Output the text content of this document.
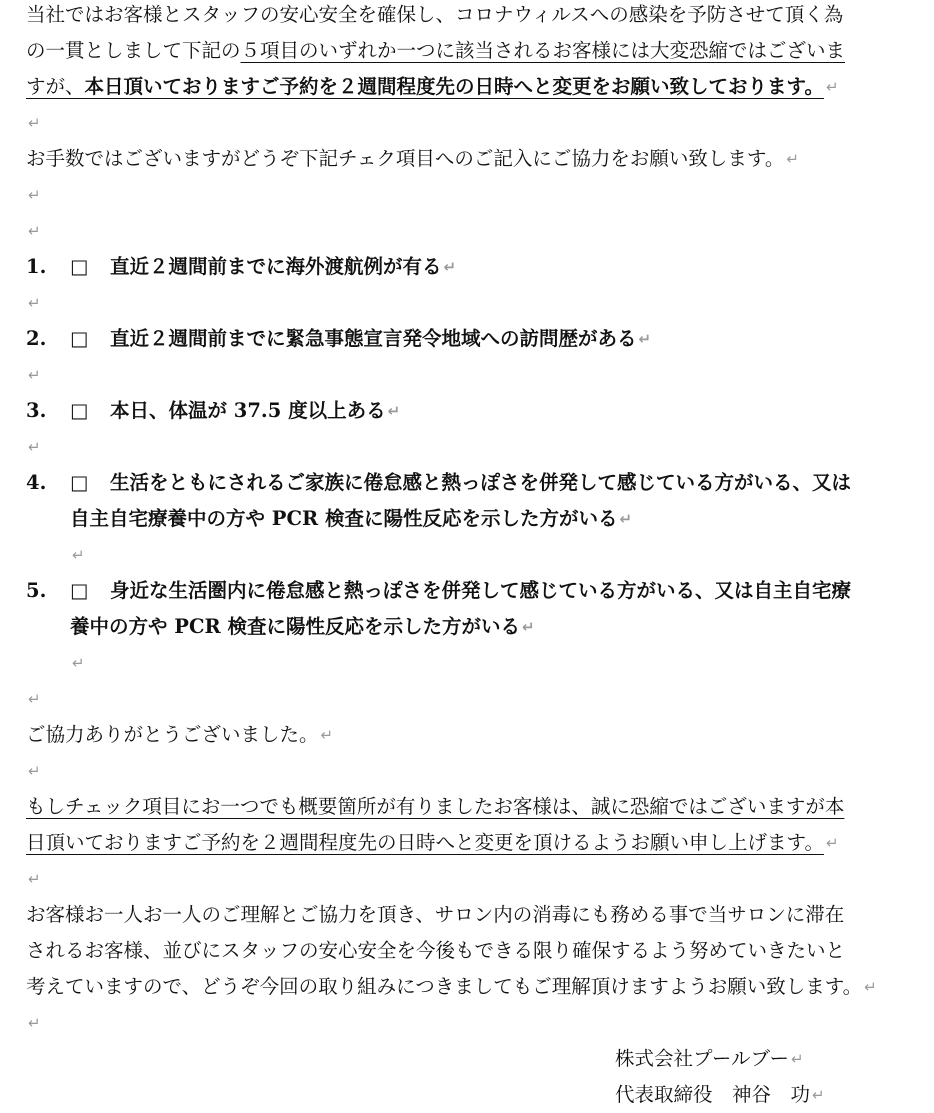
当社ではお客様とスタッフの安心安全を確保し、コロナウィルスへの感染を予防させて頂く為
の一貫としまして下記の５項目のいずれか一つに該当されるお客様には大変恐縮ではございま
すが、本日頂いておりますご予約を２週間程度先の日時へと変更をお願い致しております。 ↵
↵
お手数ではございますがどうぞ下記チェク項目へのご記入にご協力をお願い致します。 ↵
↵
↵
1. □ 直近２週間前までに海外渡航例が有る ↵
↵
2. □ 直近２週間前までに緊急事態宣言発令地域への訪問歴がある ↵
↵
3. □ 本日、体温が 37.5 度以上ある ↵
↵
4. □ 生活をともにされるご家族に倦怠感と熱っぽさを併発して感じている方がいる、又は
自主自宅療養中の方や PCR 検査に陽性反応を示した方がいる ↵
↵
5. □ 身近な生活圏内に倦怠感と熱っぽさを併発して感じている方がいる、又は自主自宅療
養中の方や PCR 検査に陽性反応を示した方がいる ↵
↵
↵
ご協力ありがとうございました。 ↵
↵
もしチェック項目にお一つでも概要箇所が有りましたお客様は、誠に恐縮ではございますが本
日頂いておりますご予約を２週間程度先の日時へと変更を頂けるようお願い申し上げます。 ↵
↵
お客様お一人お一人のご理解とご協力を頂き、サロン内の消毒にも務める事で当サロンに滞在
されるお客様、並びにスタッフの安心安全を今後もできる限り確保するよう努めていきたいと
考えていますので、どうぞ今回の取り組みにつきましてもご理解頂けますようお願い致します。 ↵
↵
株式会社プールブー ↵
代表取締役　神谷　功 ↵
